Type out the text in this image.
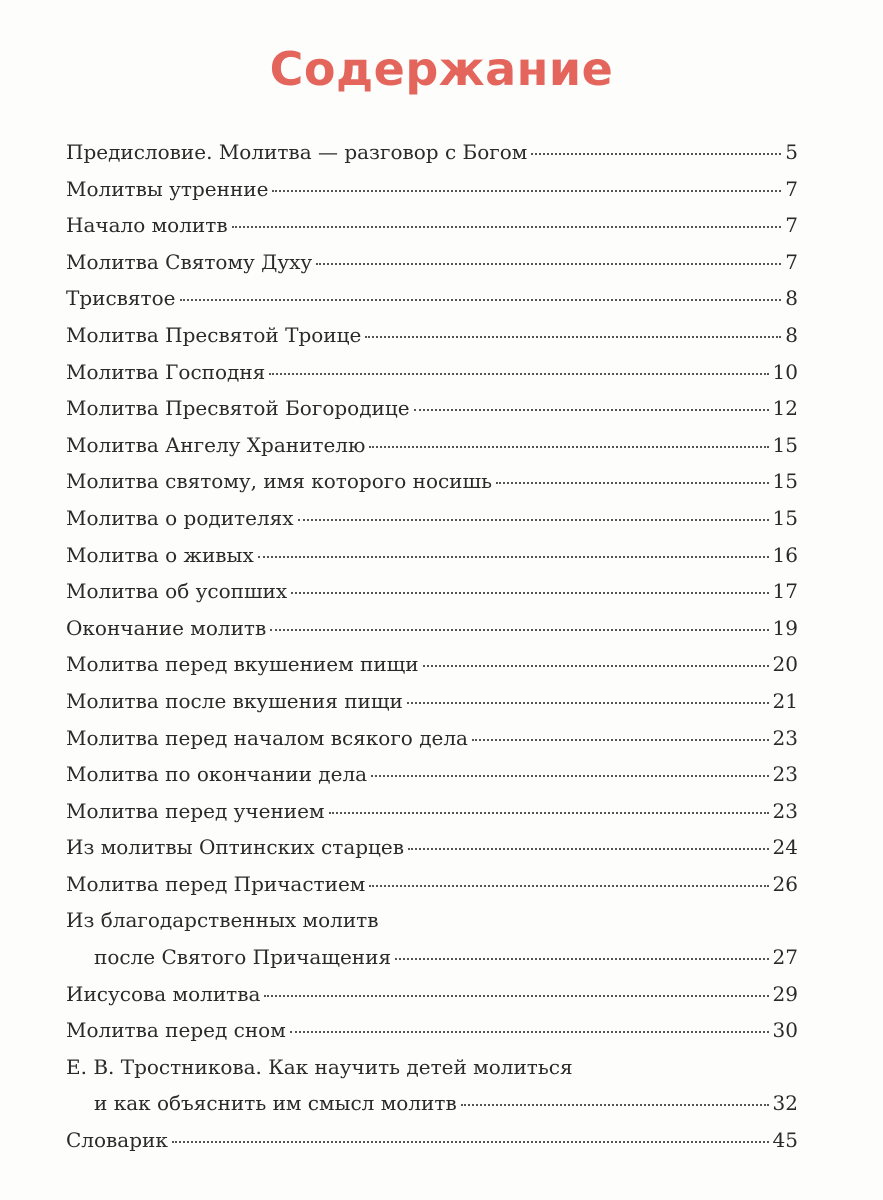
Содержание
Предисловие. Молитва — разговор с Богом	5
Молитвы утренние	7
Начало молитв	7
Молитва Святому Духу	7
Трисвятое	8
Молитва Пресвятой Троице	8
Молитва Господня	10
Молитва Пресвятой Богородице	12
Молитва Ангелу Хранителю	15
Молитва святому, имя которого носишь	15
Молитва о родителях	15
Молитва о живых	16
Молитва об усопших	17
Окончание молитв	19
Молитва перед вкушением пищи	20
Молитва после вкушения пищи	21
Молитва перед началом всякого дела	23
Молитва по окончании дела	23
Молитва перед учением	23
Из молитвы Оптинских старцев	24
Молитва перед Причастием	26
Из благодарственных молитв
после Святого Причащения	27
Иисусова молитва	29
Молитва перед сном	30
Е. В. Тростникова. Как научить детей молиться
и как объяснить им смысл молитв	32
Словарик	45
